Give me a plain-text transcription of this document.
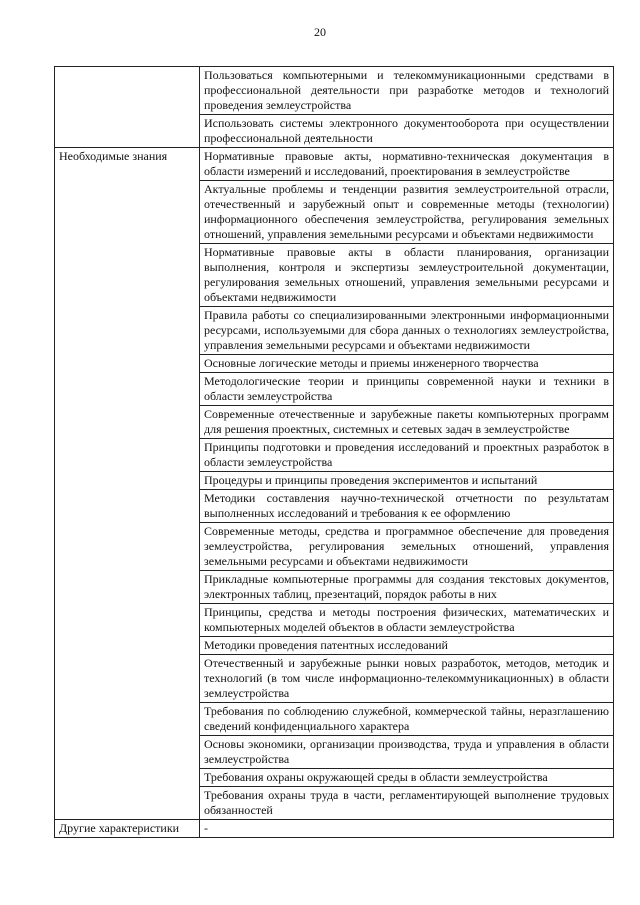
20
	Пользоваться компьютерными и телекоммуникационными средствами в профессиональной деятельности при разработке методов и технологий проведения землеустройства
	Использовать системы электронного документооборота при осуществлении профессиональной деятельности
Необходимые знания	Нормативные правовые акты, нормативно-техническая документация в области измерений и исследований, проектирования в землеустройстве
	Актуальные проблемы и тенденции развития землеустроительной отрасли, отечественный и зарубежный опыт и современные методы (технологии) информационного обеспечения землеустройства, регулирования земельных отношений, управления земельными ресурсами и объектами недвижимости
	Нормативные правовые акты в области планирования, организации выполнения, контроля и экспертизы землеустроительной документации, регулирования земельных отношений, управления земельными ресурсами и объектами недвижимости
	Правила работы со специализированными электронными информационными ресурсами, используемыми для сбора данных о технологиях землеустройства, управления земельными ресурсами и объектами недвижимости
	Основные логические методы и приемы инженерного творчества
	Методологические теории и принципы современной науки и техники в области землеустройства
	Современные отечественные и зарубежные пакеты компьютерных программ для решения проектных, системных и сетевых задач в землеустройстве
	Принципы подготовки и проведения исследований и проектных разработок в области землеустройства
	Процедуры и принципы проведения экспериментов и испытаний
	Методики составления научно-технической отчетности по результатам выполненных исследований и требования к ее оформлению
	Современные методы, средства и программное обеспечение для проведения землеустройства, регулирования земельных отношений, управления земельными ресурсами и объектами недвижимости
	Прикладные компьютерные программы для создания текстовых документов, электронных таблиц, презентаций, порядок работы в них
	Принципы, средства и методы построения физических, математических и компьютерных моделей объектов в области землеустройства
	Методики проведения патентных исследований
	Отечественный и зарубежные рынки новых разработок, методов, методик и технологий (в том числе информационно-телекоммуникационных) в области землеустройства
	Требования по соблюдению служебной, коммерческой тайны, неразглашению сведений конфиденциального характера
	Основы экономики, организации производства, труда и управления в области землеустройства
	Требования охраны окружающей среды в области землеустройства
	Требования охраны труда в части, регламентирующей выполнение трудовых обязанностей
Другие характеристики	-
